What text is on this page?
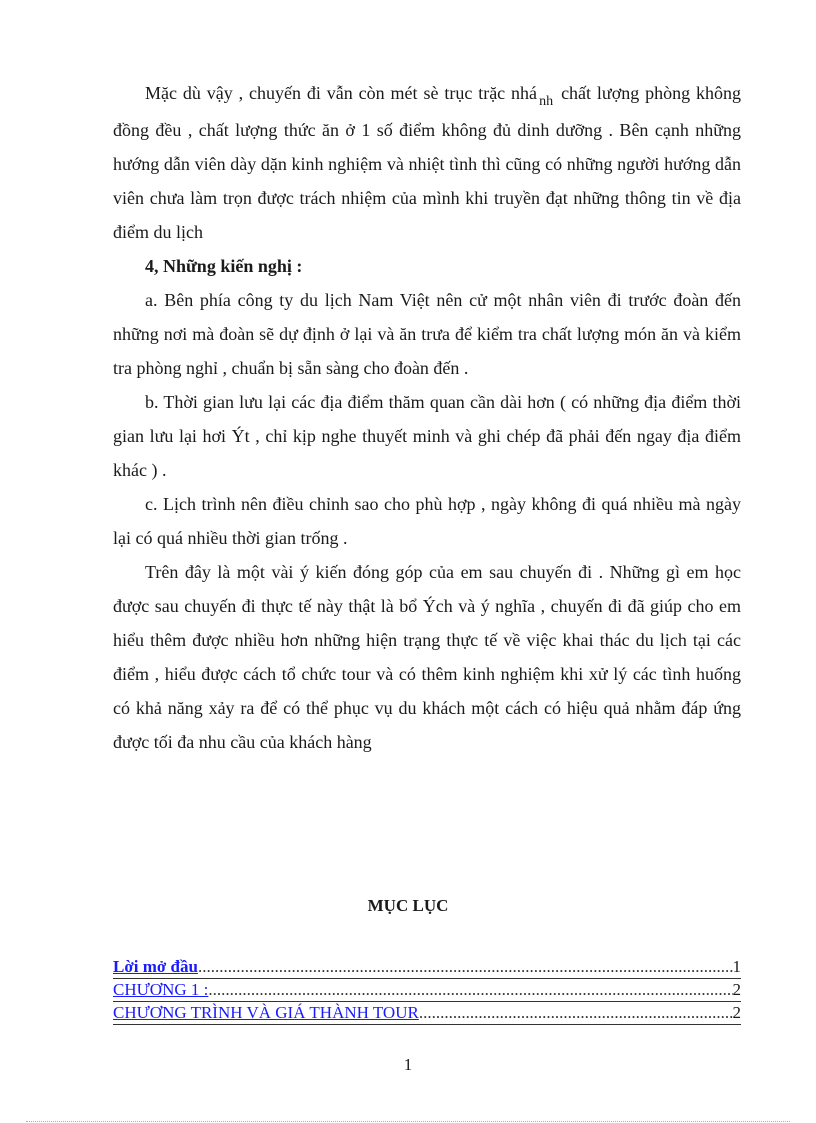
Mặc dù vậy , chuyến đi vẫn còn mét sè trục trặc nhá $_{nh}$ chất lượng phòng không đồng đều , chất lượng thức ăn ở 1 số điểm không đủ dinh dưỡng . Bên cạnh những hướng dẫn viên dày dặn kinh nghiệm và nhiệt tình thì cũng có những người hướng dẫn viên chưa làm trọn được trách nhiệm của mình khi truyền đạt những thông tin về địa điểm du lịch

4, Những kiến nghị :

a. Bên phía công ty du lịch Nam Việt nên cử một nhân viên đi trước đoàn đến những nơi mà đoàn sẽ dự định ở lại và ăn trưa để kiểm tra chất lượng món ăn và kiểm tra phòng nghỉ , chuẩn bị sẵn sàng cho đoàn đến .

b. Thời gian lưu lại các địa điểm thăm quan cần dài hơn ( có những địa điểm thời gian lưu lại hơi Ýt , chỉ kịp nghe thuyết minh và ghi chép đã phải đến ngay địa điểm khác ) .

c. Lịch trình nên điều chỉnh sao cho phù hợp , ngày không đi quá nhiều mà ngày lại có quá nhiều thời gian trống .

Trên đây là một vài ý kiến đóng góp của em sau chuyến đi . Những gì em học được sau chuyến đi thực tế này thật là bổ Ých và ý nghĩa , chuyến đi đã giúp cho em hiểu thêm được nhiều hơn những hiện trạng thực tế về việc khai thác du lịch tại các điểm , hiểu được cách tổ chức tour và có thêm kinh nghiệm khi xử lý các tình huống có khả năng xảy ra để có thể phục vụ du khách một cách có hiệu quả nhằm đáp ứng được tối đa nhu cầu của khách hàng

MỤC LỤC
Lời mở đầu .....	1
CHƯƠNG 1 : .....	2
CHƯƠNG TRÌNH VÀ GIÁ THÀNH TOUR .....	2
1
